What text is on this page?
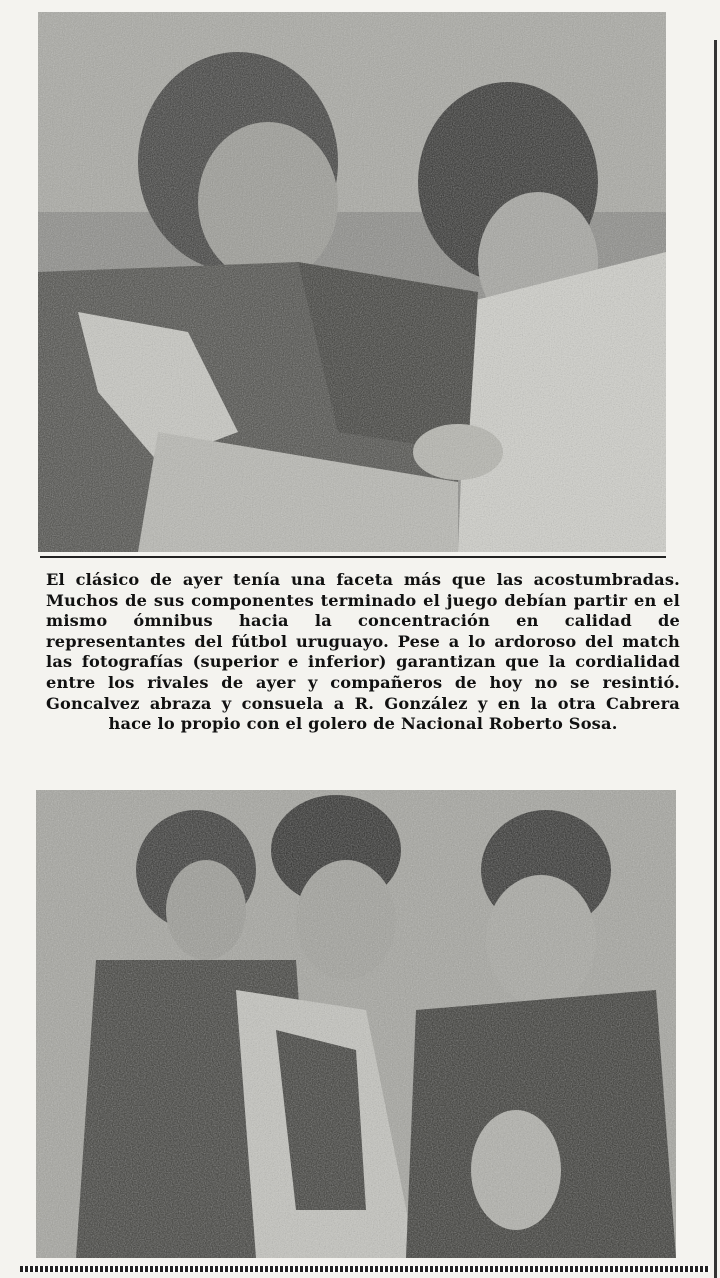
El clásico de ayer tenía una faceta más que las acostumbradas. Muchos de sus componentes terminado el juego debían partir en el mismo ómnibus hacia la concentración en calidad de representantes del fútbol uruguayo. Pese a lo ardoroso del match las fotografías (superior e inferior) garantizan que la cordialidad entre los rivales de ayer y compañeros de hoy no se resintió. Goncalvez abraza y consuela a R. González y en la otra Cabrera hace lo propio con el golero de Nacional Roberto Sosa.
